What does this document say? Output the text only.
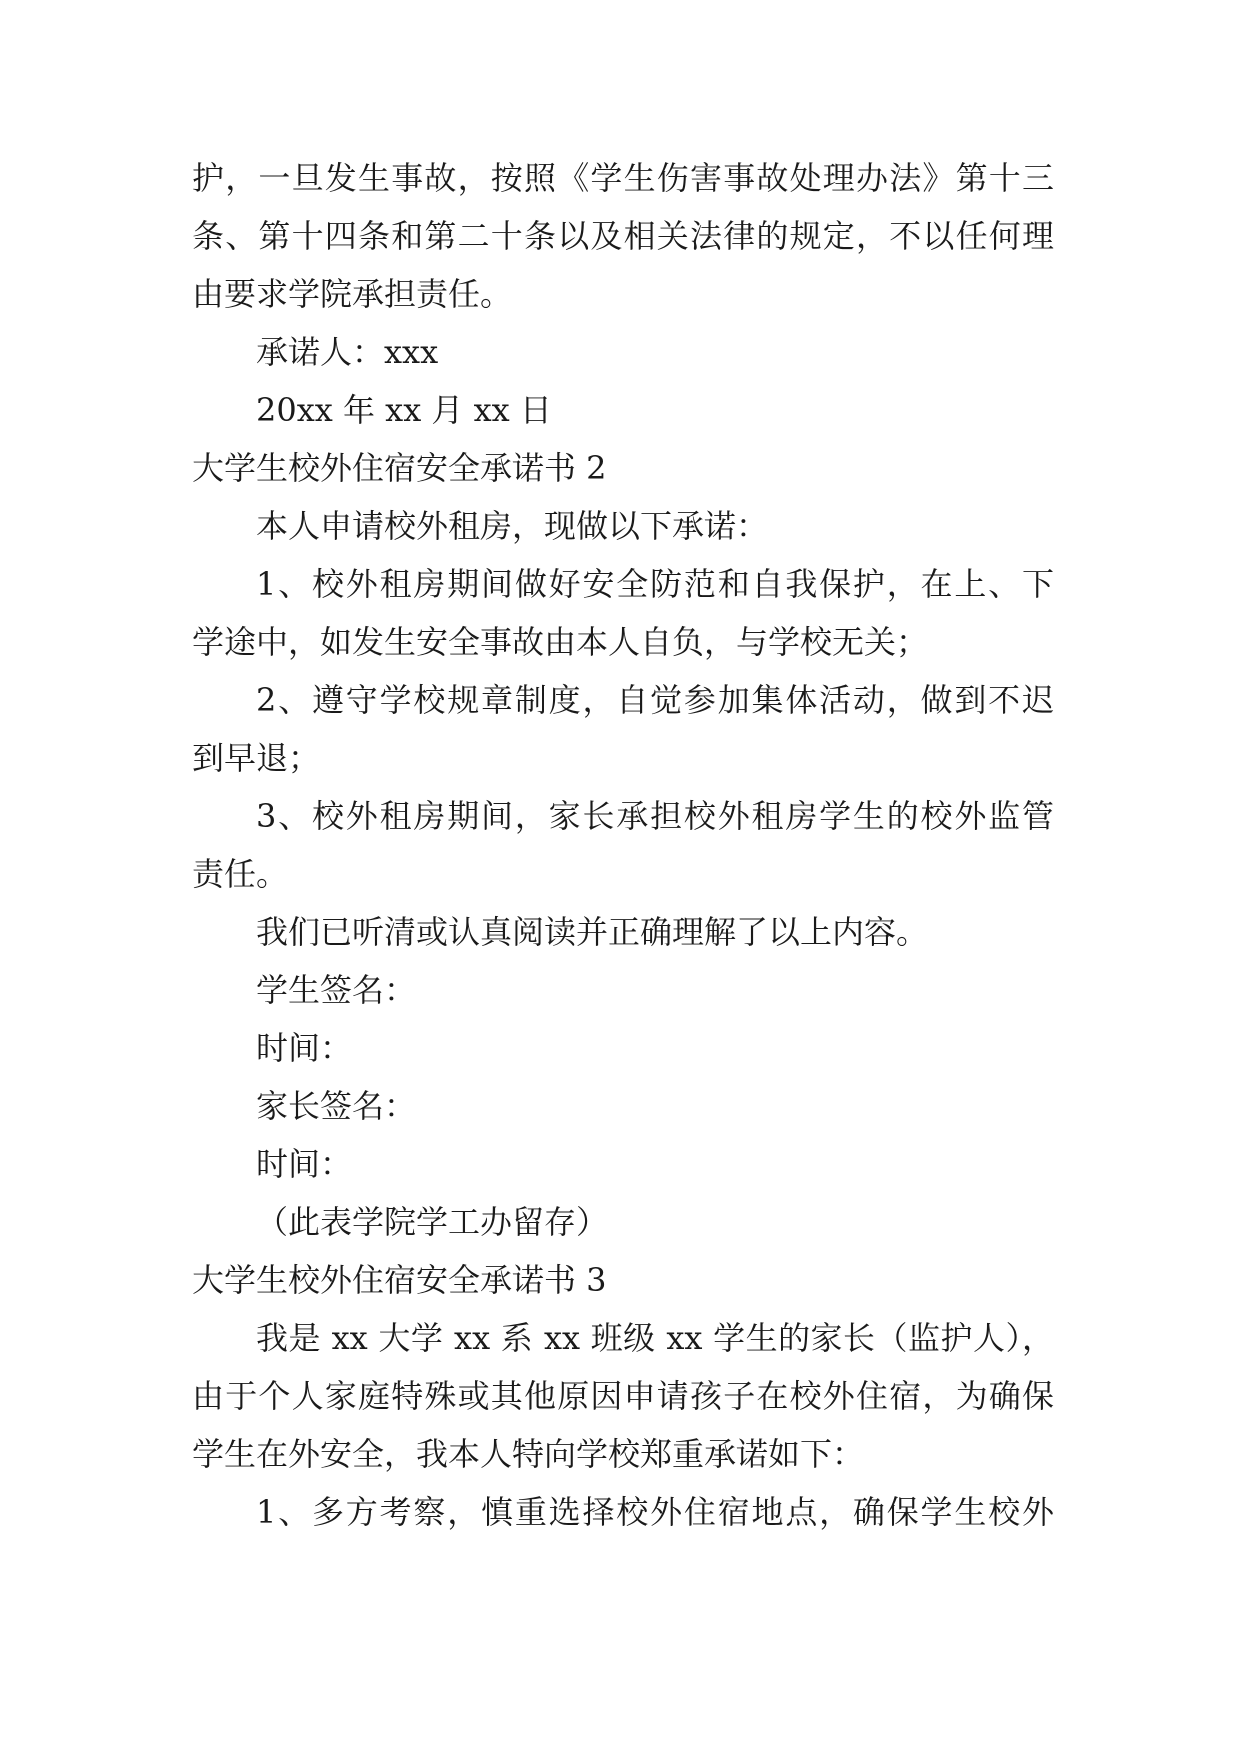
护，一旦发生事故，按照《学生伤害事故处理办法》第十三
条、第十四条和第二十条以及相关法律的规定，不以任何理
由要求学院承担责任。
承诺人：xxx
20xx 年 xx 月 xx 日
大学生校外住宿安全承诺书 2
本人申请校外租房，现做以下承诺：
1、校外租房期间做好安全防范和自我保护，在上、下
学途中，如发生安全事故由本人自负，与学校无关；
2、遵守学校规章制度，自觉参加集体活动，做到不迟
到早退；
3、校外租房期间，家长承担校外租房学生的校外监管
责任。
我们已听清或认真阅读并正确理解了以上内容。
学生签名：
时间：
家长签名：
时间：
（此表学院学工办留存）
大学生校外住宿安全承诺书 3
我是 xx 大学 xx 系 xx 班级 xx 学生的家长（监护人），
由于个人家庭特殊或其他原因申请孩子在校外住宿，为确保
学生在外安全，我本人特向学校郑重承诺如下：
1、多方考察，慎重选择校外住宿地点，确保学生校外
